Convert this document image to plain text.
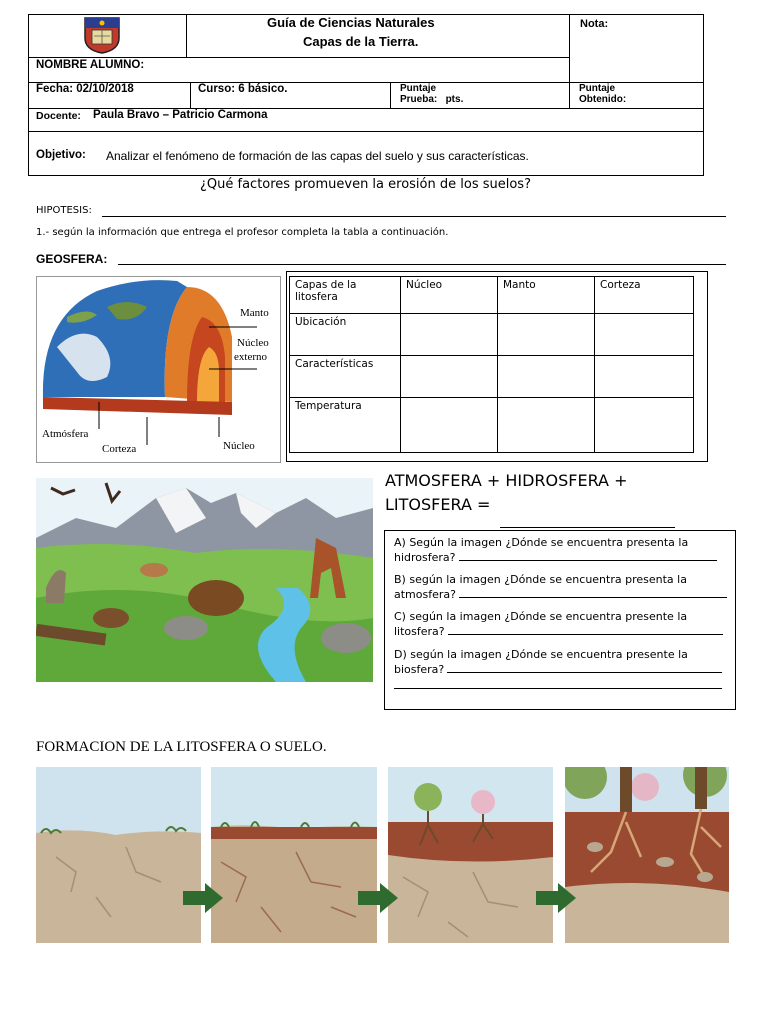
Guía de Ciencias Naturales
Capas de la Tierra.
Nota:
NOMBRE ALUMNO:
Fecha: 02/10/2018	Curso: 6 básico.	Puntaje
Prueba:   pts.
Puntaje
Obtenido:
Docente: Paula Bravo – Patricio Carmona
Objetivo: Analizar el fenómeno de formación de las capas del suelo y sus características.
¿Qué factores promueven la erosión de los suelos?
HIPOTESIS:
1.- según la información que entrega el profesor completa la tabla a continuación.
GEOSFERA:
Manto
Núcleo
externo
Atmósfera
Corteza	Núcleo
Capas de la litosfera	Núcleo	Manto	Corteza
Ubicación			
Características			
Temperatura			
ATMOSFERA + HIDROSFERA +
LITOSFERA =

A) Según la imagen ¿Dónde se encuentra presenta la

hidrosfera?

B) según la imagen ¿Dónde se encuentra presenta la

atmosfera?

C) según la imagen ¿Dónde se encuentra presente la

litosfera?

D) según la imagen ¿Dónde se encuentra presente la

biosfera?

FORMACION DE LA LITOSFERA O SUELO.
